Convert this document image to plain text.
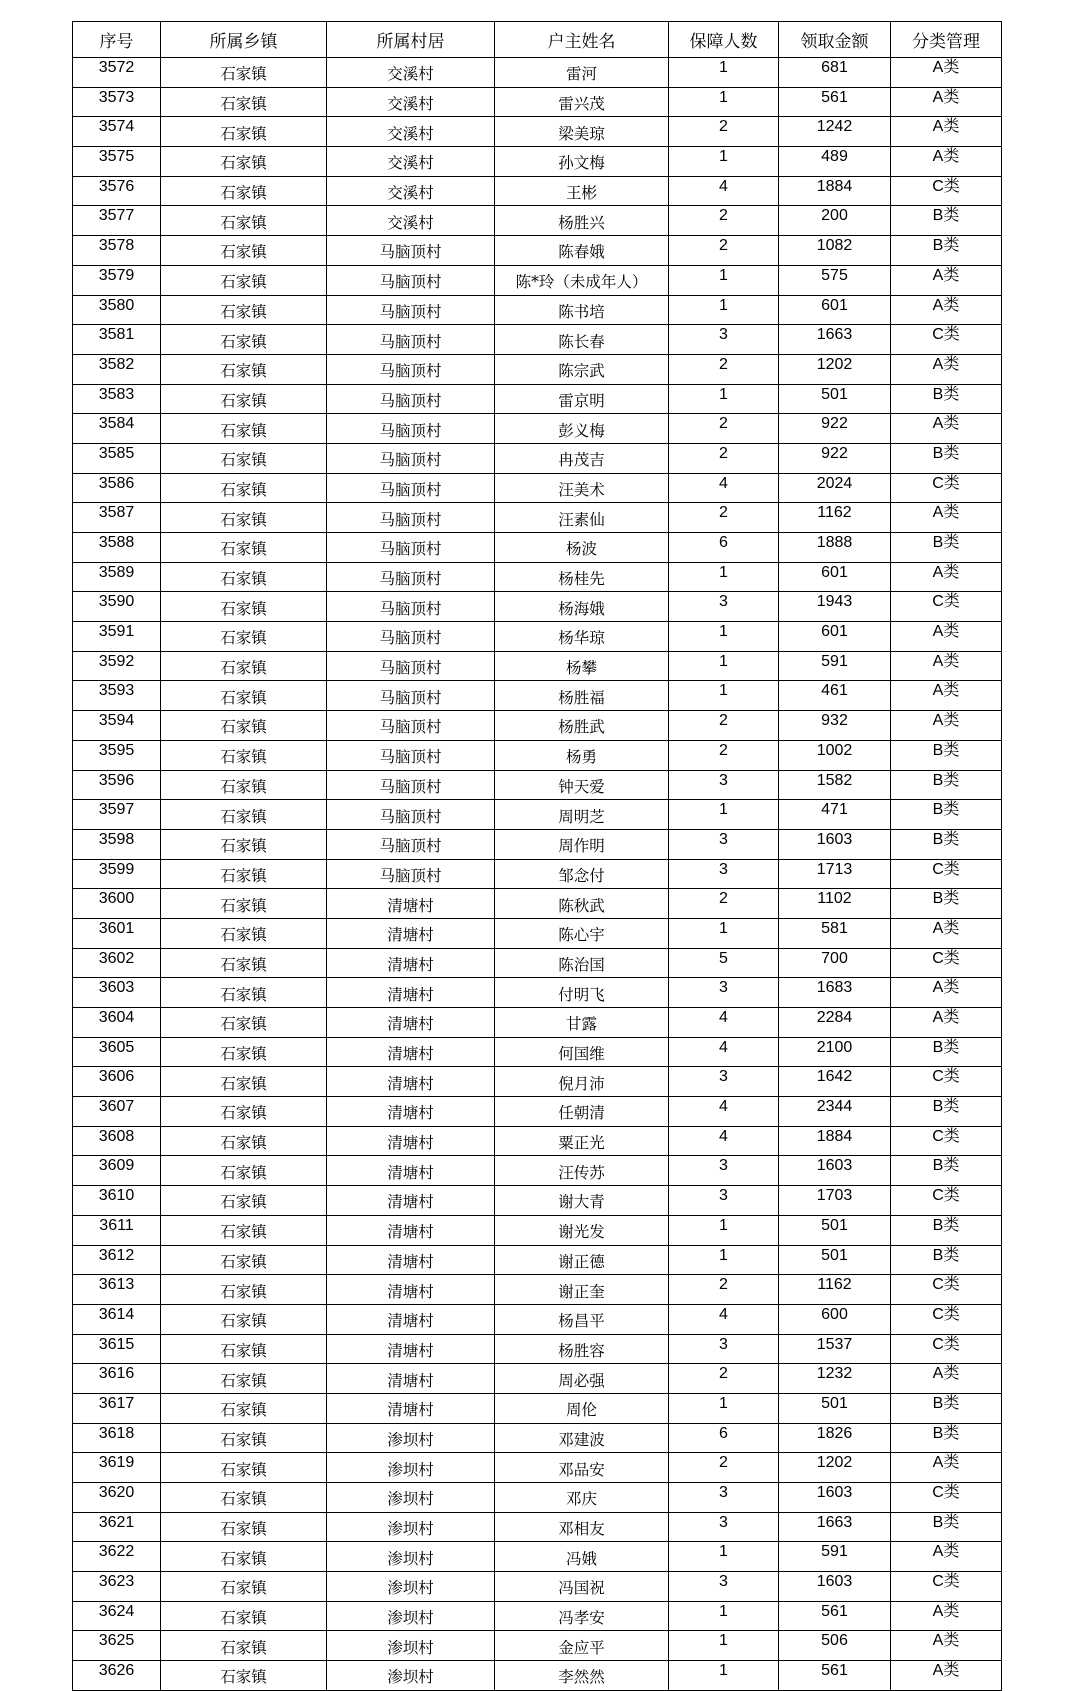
序号	所属乡镇	所属村居	户主姓名	保障人数	领取金额	分类管理
3572	石家镇	交溪村	雷河	1	681	A类
3573	石家镇	交溪村	雷兴茂	1	561	A类
3574	石家镇	交溪村	梁美琼	2	1242	A类
3575	石家镇	交溪村	孙文梅	1	489	A类
3576	石家镇	交溪村	王彬	4	1884	C类
3577	石家镇	交溪村	杨胜兴	2	200	B类
3578	石家镇	马脑顶村	陈春娥	2	1082	B类
3579	石家镇	马脑顶村	陈*玲（未成年人）	1	575	A类
3580	石家镇	马脑顶村	陈书培	1	601	A类
3581	石家镇	马脑顶村	陈长春	3	1663	C类
3582	石家镇	马脑顶村	陈宗武	2	1202	A类
3583	石家镇	马脑顶村	雷京明	1	501	B类
3584	石家镇	马脑顶村	彭义梅	2	922	A类
3585	石家镇	马脑顶村	冉茂吉	2	922	B类
3586	石家镇	马脑顶村	汪美术	4	2024	C类
3587	石家镇	马脑顶村	汪素仙	2	1162	A类
3588	石家镇	马脑顶村	杨波	6	1888	B类
3589	石家镇	马脑顶村	杨桂先	1	601	A类
3590	石家镇	马脑顶村	杨海娥	3	1943	C类
3591	石家镇	马脑顶村	杨华琼	1	601	A类
3592	石家镇	马脑顶村	杨攀	1	591	A类
3593	石家镇	马脑顶村	杨胜福	1	461	A类
3594	石家镇	马脑顶村	杨胜武	2	932	A类
3595	石家镇	马脑顶村	杨勇	2	1002	B类
3596	石家镇	马脑顶村	钟天爱	3	1582	B类
3597	石家镇	马脑顶村	周明芝	1	471	B类
3598	石家镇	马脑顶村	周作明	3	1603	B类
3599	石家镇	马脑顶村	邹念付	3	1713	C类
3600	石家镇	清塘村	陈秋武	2	1102	B类
3601	石家镇	清塘村	陈心宇	1	581	A类
3602	石家镇	清塘村	陈治国	5	700	C类
3603	石家镇	清塘村	付明飞	3	1683	A类
3604	石家镇	清塘村	甘露	4	2284	A类
3605	石家镇	清塘村	何国维	4	2100	B类
3606	石家镇	清塘村	倪月沛	3	1642	C类
3607	石家镇	清塘村	任朝清	4	2344	B类
3608	石家镇	清塘村	粟正光	4	1884	C类
3609	石家镇	清塘村	汪传苏	3	1603	B类
3610	石家镇	清塘村	谢大青	3	1703	C类
3611	石家镇	清塘村	谢光发	1	501	B类
3612	石家镇	清塘村	谢正德	1	501	B类
3613	石家镇	清塘村	谢正奎	2	1162	C类
3614	石家镇	清塘村	杨昌平	4	600	C类
3615	石家镇	清塘村	杨胜容	3	1537	C类
3616	石家镇	清塘村	周必强	2	1232	A类
3617	石家镇	清塘村	周伦	1	501	B类
3618	石家镇	渗坝村	邓建波	6	1826	B类
3619	石家镇	渗坝村	邓品安	2	1202	A类
3620	石家镇	渗坝村	邓庆	3	1603	C类
3621	石家镇	渗坝村	邓相友	3	1663	B类
3622	石家镇	渗坝村	冯娥	1	591	A类
3623	石家镇	渗坝村	冯国祝	3	1603	C类
3624	石家镇	渗坝村	冯孝安	1	561	A类
3625	石家镇	渗坝村	金应平	1	506	A类
3626	石家镇	渗坝村	李然然	1	561	A类
